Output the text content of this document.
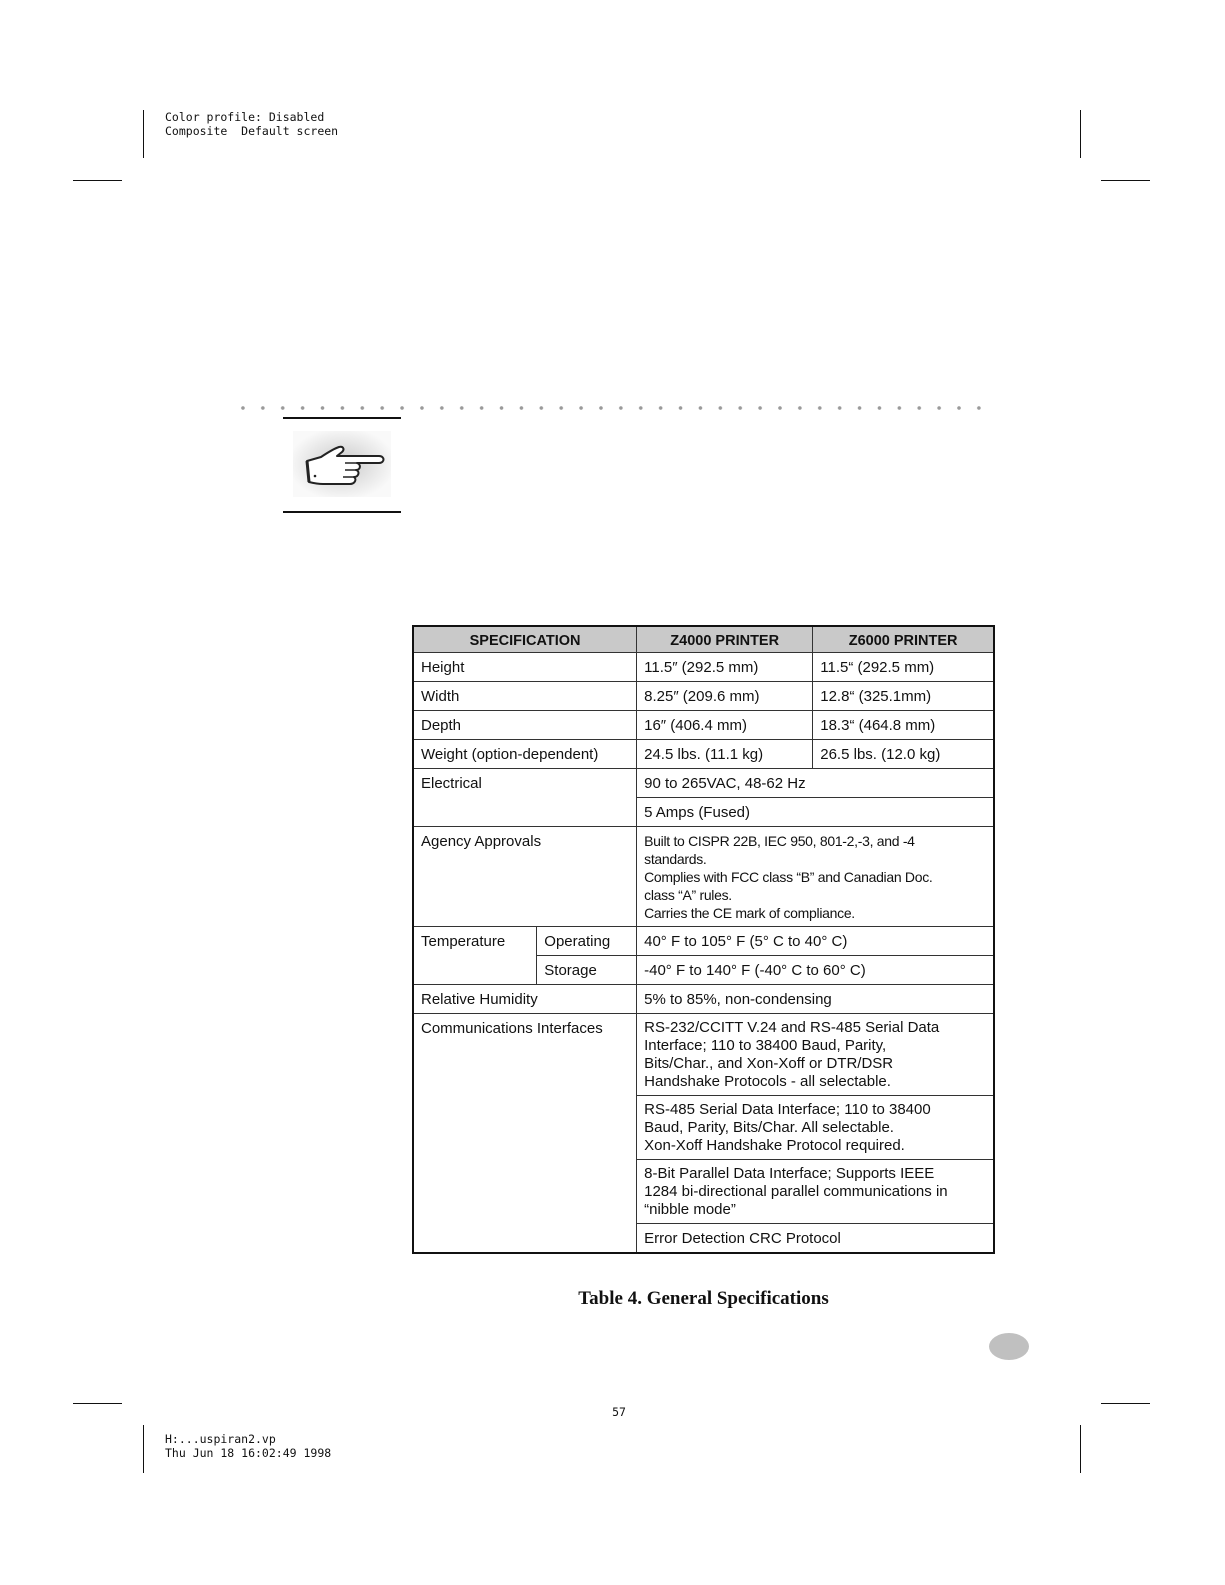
Color profile: Disabled
Composite  Default screen
SPECIFICATION		Z4000 PRINTER	Z6000 PRINTER
Height		11.5″ (292.5 mm)	11.5“ (292.5 mm)
Width		8.25″ (209.6 mm)	12.8“ (325.1mm)
Depth		16″ (406.4 mm)	18.3“ (464.8 mm)
Weight (option-dependent)		24.5 lbs. (11.1 kg)	26.5 lbs. (12.0 kg)
Electrical		90 to 265VAC, 48-62 Hz	
		5 Amps (Fused)	
Agency Approvals		Built to CISPR 22B, IEC 950, 801-2,-3, and -4
standards.
Complies with FCC class “B” and Canadian Doc.
class “A” rules.
Carries the CE mark of compliance.	

Temperature	Operating	40° F to 105° F (5° C to 40° C)	
	Storage	-40° F to 140° F (-40° C to 60° C)	
Relative Humidity		5% to 85%, non-condensing	
Communications Interfaces		RS-232/CCITT V.24 and RS-485 Serial Data
Interface; 110 to 38400 Baud, Parity,
Bits/Char., and Xon-Xoff or DTR/DSR
Handshake Protocols - all selectable.	

		RS-485 Serial Data Interface; 110 to 38400
Baud, Parity, Bits/Char. All selectable.
Xon-Xoff Handshake Protocol required.	

		8-Bit Parallel Data Interface; Supports IEEE
1284 bi-directional parallel communications in
“nibble mode”	

		Error Detection CRC Protocol	
Table 4. General Specifications
57
H:...uspiran2.vp
Thu Jun 18 16:02:49 1998
